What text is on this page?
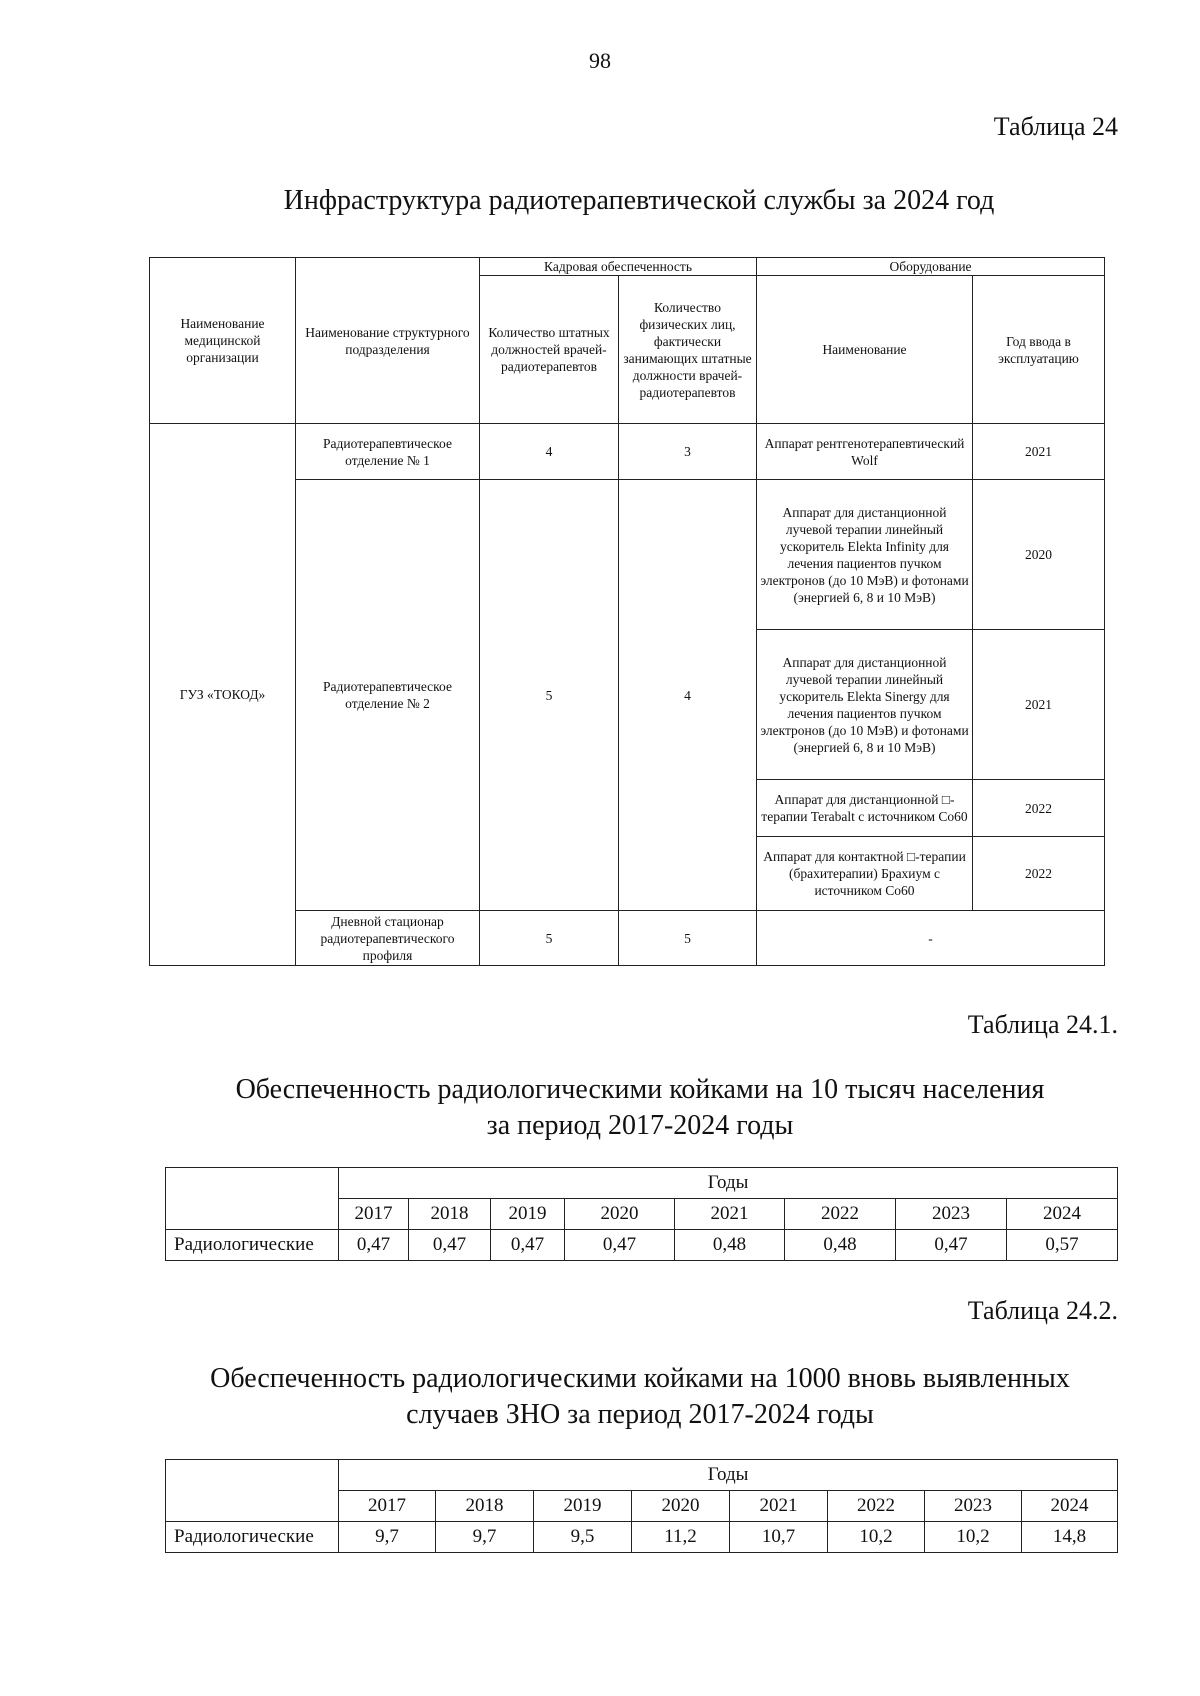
98
Таблица 24
Инфраструктура радиотерапевтической службы за 2024 год
Наименование медицинской организации	Наименование структурного подразделения	Кадровая обеспеченность		Оборудование	
		Количество штатных должностей врачей-радиотерапевтов	Количество физических лиц, фактически занимающих штатные должности врачей-радиотерапевтов	Наименование	Год ввода в эксплуатацию
ГУЗ «ТОКОД»	Радиотерапевтическое отделение № 1	4	3	Аппарат рентгенотерапевтический Wolf	2021
	Радиотерапевтическое отделение № 2	5	4	Аппарат для дистанционной лучевой терапии линейный ускоритель Elekta Infinity для лечения пациентов пучком электронов (до 10 МэВ) и фотонами (энергией 6, 8 и 10 МэВ)	2020
				Аппарат для дистанционной лучевой терапии линейный ускоритель Elekta Sinergy для лечения пациентов пучком электронов (до 10 МэВ) и фотонами (энергией 6, 8 и 10 МэВ)	2021
				Аппарат для дистанционной □-терапии Terabalt с источником Co60	2022
				Аппарат для контактной □-терапии (брахитерапии) Брахиум с источником Co60	2022
	Дневной стационар радиотерапевтического профиля	5	5	-	
Таблица 24.1.
Обеспеченность радиологическими койками на 10 тысяч населения
за период 2017-2024 годы
	Годы							
	2017	2018	2019	2020	2021	2022	2023	2024
Радиологические	0,47	0,47	0,47	0,47	0,48	0,48	0,47	0,57
Таблица 24.2.
Обеспеченность радиологическими койками на 1000 вновь выявленных
случаев ЗНО за период 2017-2024 годы
	Годы							
	2017	2018	2019	2020	2021	2022	2023	2024
Радиологические	9,7	9,7	9,5	11,2	10,7	10,2	10,2	14,8
